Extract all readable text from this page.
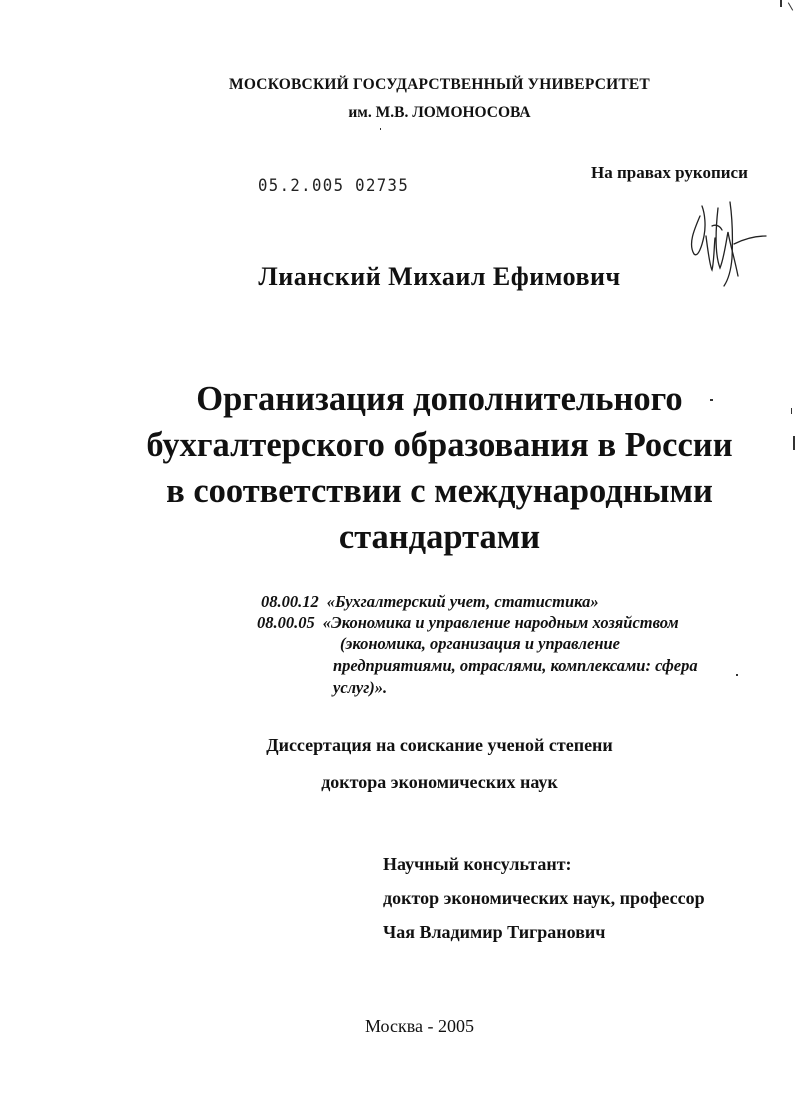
МОСКОВСКИЙ ГОСУДАРСТВЕННЫЙ УНИВЕРСИТЕТ
им. М.В. ЛОМОНОСОВА
05.2.005 02735
На правах рукописи
Лианский Михаил Ефимович
Организация дополнительного
бухгалтерского образования в России
в соответствии с международными
стандартами
08.00.12 «Бухгалтерский учет, статистика»
08.00.05 «Экономика и управление народным хозяйством
(экономика, организация и управление
предприятиями, отраслями, комплексами: сфера
услуг)».
Диссертация на соискание ученой степени
доктора экономических наук
Научный консультант:
доктор экономических наук, профессор
Чая Владимир Тигранович
Москва - 2005
